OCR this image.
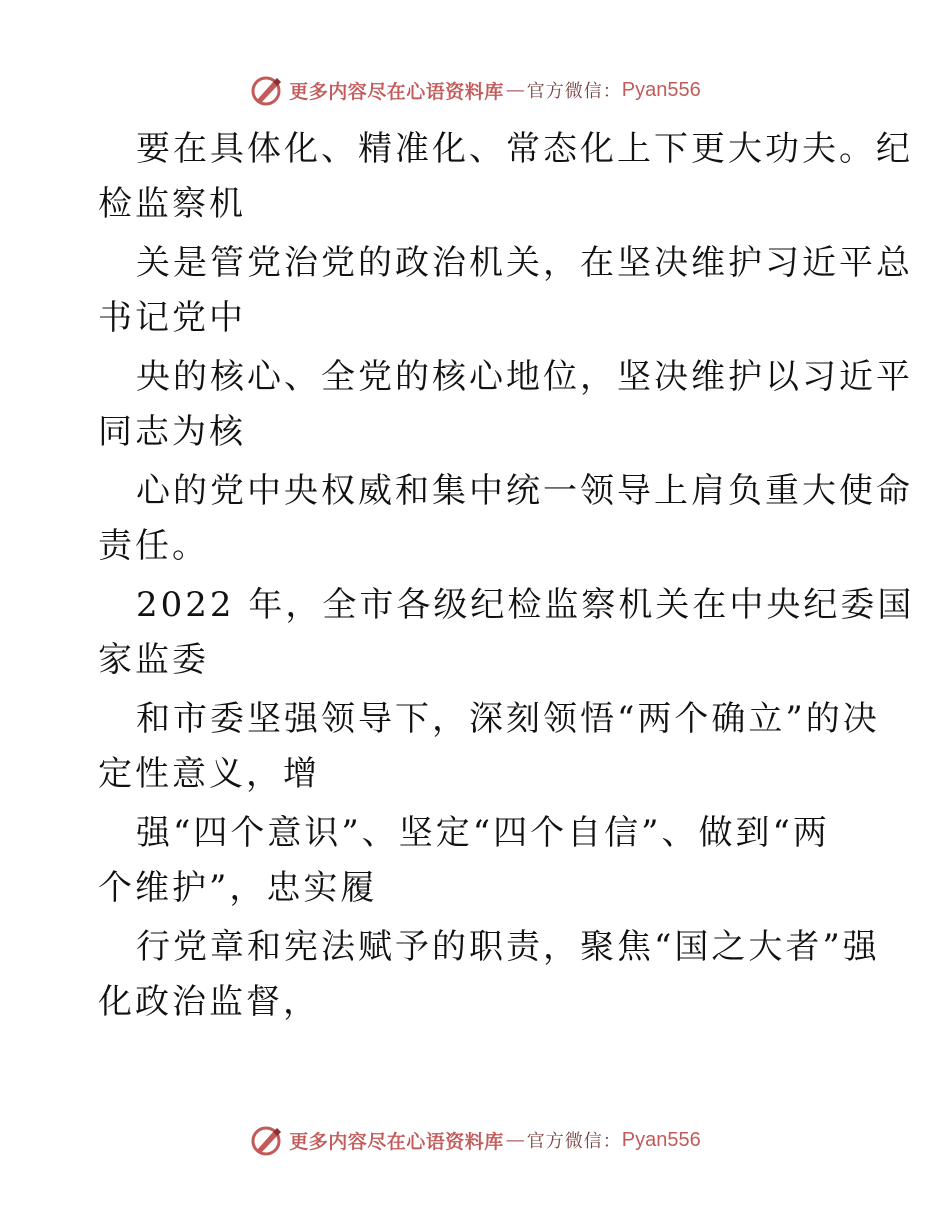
更多内容尽在心语资料库 — 官方微信： Pyan556

要在具体化、精准化、常态化上下更大功夫。纪
检监察机

关是管党治党的政治机关，在坚决维护习近平总
书记党中

央的核心、全党的核心地位，坚决维护以习近平
同志为核

心的党中央权威和集中统一领导上肩负重大使命
责任。

2022 年，全市各级纪检监察机关在中央纪委国
家监委

和市委坚强领导下，深刻领悟“两个确立”的决
定性意义，增

强“四个意识”、坚定“四个自信”、做到“两
个维护”，忠实履

行党章和宪法赋予的职责，聚焦“国之大者”强
化政治监督，

更多内容尽在心语资料库 — 官方微信： Pyan556
